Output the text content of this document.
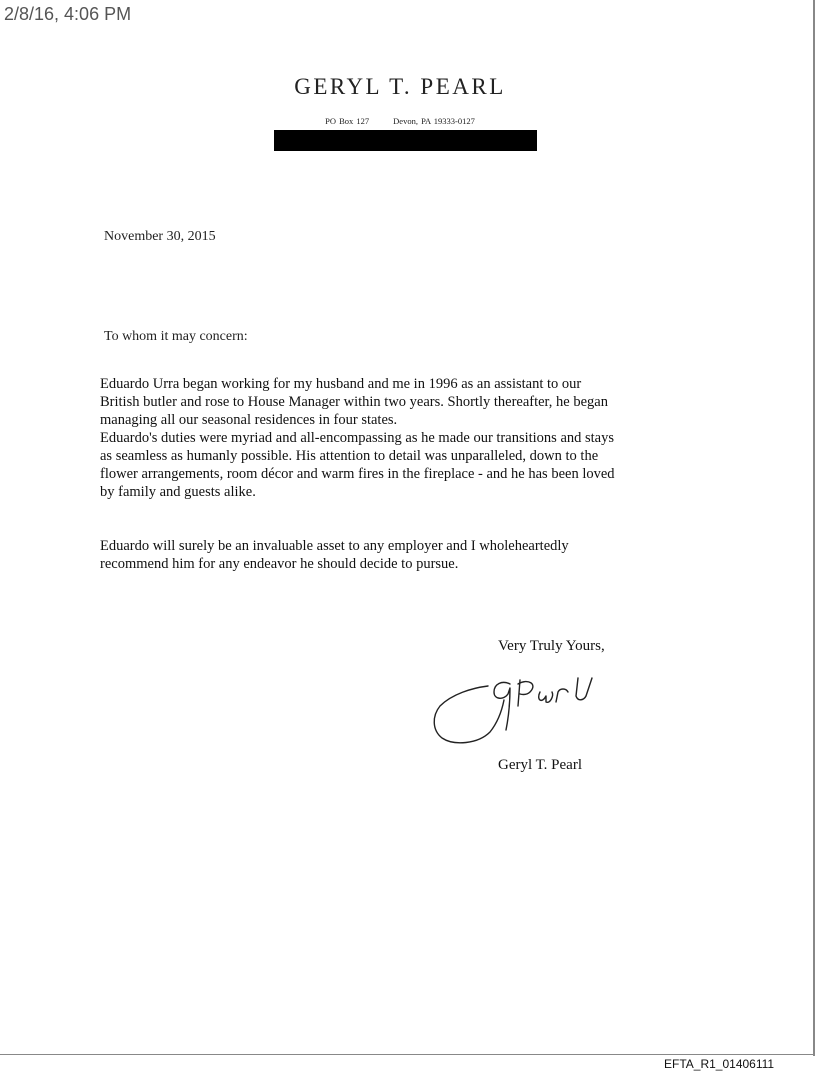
2/8/16, 4:06 PM
GERYL T. PEARL
PO Box 127	Devon, PA 19333-0127
November 30, 2015
To whom it may concern:
Eduardo Urra began working for my husband and me in 1996 as an assistant to our
British butler and rose to House Manager within two years. Shortly thereafter, he began
managing all our seasonal residences in four states.
Eduardo's duties were myriad and all-encompassing as he made our transitions and stays
as seamless as humanly possible. His attention to detail was unparalleled, down to the
flower arrangements, room décor and warm fires in the fireplace - and he has been loved
by family and guests alike.
Eduardo will surely be an invaluable asset to any employer and I wholeheartedly
recommend him for any endeavor he should decide to pursue.
Very Truly Yours,
Geryl T. Pearl
EFTA_R1_01406111
